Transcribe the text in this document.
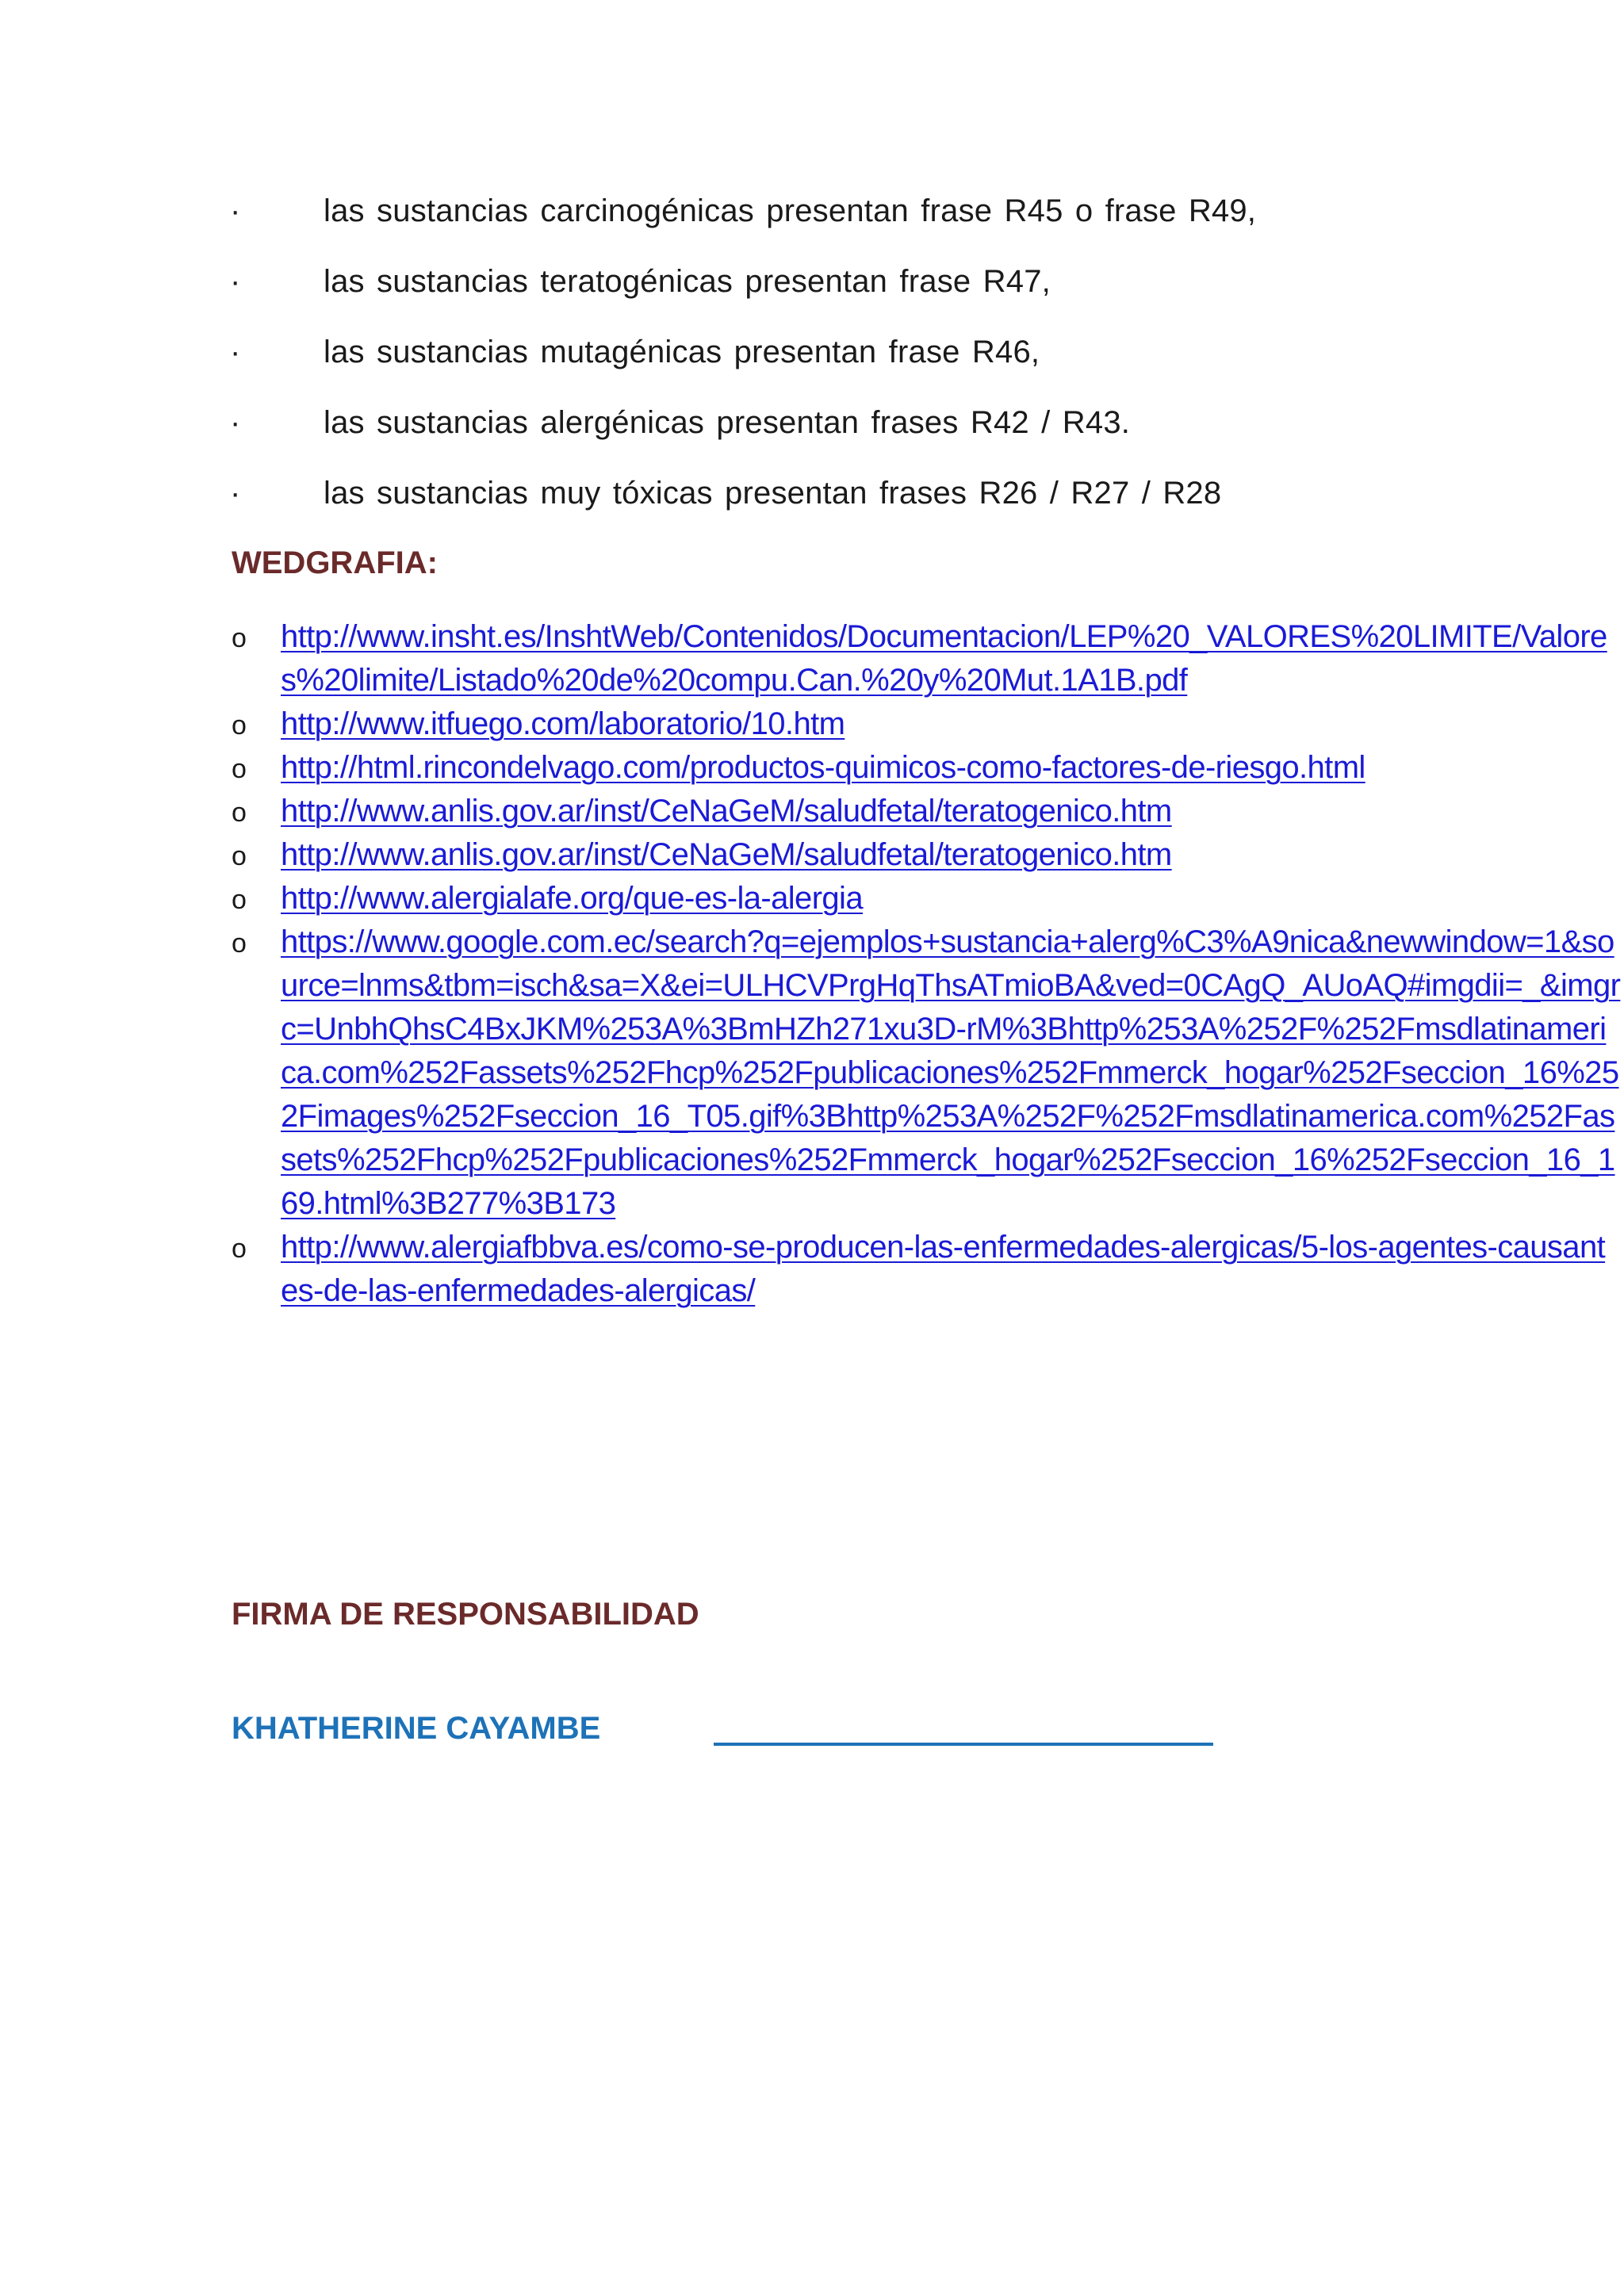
·	las sustancias carcinogénicas presentan frase R45 o frase R49,
·	las sustancias teratogénicas presentan frase R47,
·	las sustancias mutagénicas presentan frase R46,
·	las sustancias alergénicas presentan frases R42 / R43.
·	las sustancias muy tóxicas presentan frases R26 / R27 / R28
WEDGRAFIA:
o http://www.insht.es/InshtWeb/Contenidos/Documentacion/LEP%20_VALORES%20LIMITE/Valores%20limite/Listado%20de%20compu.Can.%20y%20Mut.1A1B.pdf
o http://www.itfuego.com/laboratorio/10.htm
o http://html.rincondelvago.com/productos-quimicos-como-factores-de-riesgo.html
o http://www.anlis.gov.ar/inst/CeNaGeM/saludfetal/teratogenico.htm
o http://www.anlis.gov.ar/inst/CeNaGeM/saludfetal/teratogenico.htm
o http://www.alergialafe.org/que-es-la-alergia
o https://www.google.com.ec/search?q=ejemplos+sustancia+alerg%C3%A9nica&newwindow=1&source=lnms&tbm=isch&sa=X&ei=ULHCVPrgHqThsATmioBA&ved=0CAgQ_AUoAQ#imgdii=_&imgrc=UnbhQhsC4BxJKM%253A%3BmHZh271xu3D-rM%3Bhttp%253A%252F%252Fmsdlatinamerica.com%252Fassets%252Fhcp%252Fpublicaciones%252Fmmerck_hogar%252Fseccion_16%252Fimages%252Fseccion_16_T05.gif%3Bhttp%253A%252F%252Fmsdlatinamerica.com%252Fassets%252Fhcp%252Fpublicaciones%252Fmmerck_hogar%252Fseccion_16%252Fseccion_16_169.html%3B277%3B173
o http://www.alergiafbbva.es/como-se-producen-las-enfermedades-alergicas/5-los-agentes-causantes-de-las-enfermedades-alergicas/
FIRMA DE RESPONSABILIDAD
KHATHERINE CAYAMBE
